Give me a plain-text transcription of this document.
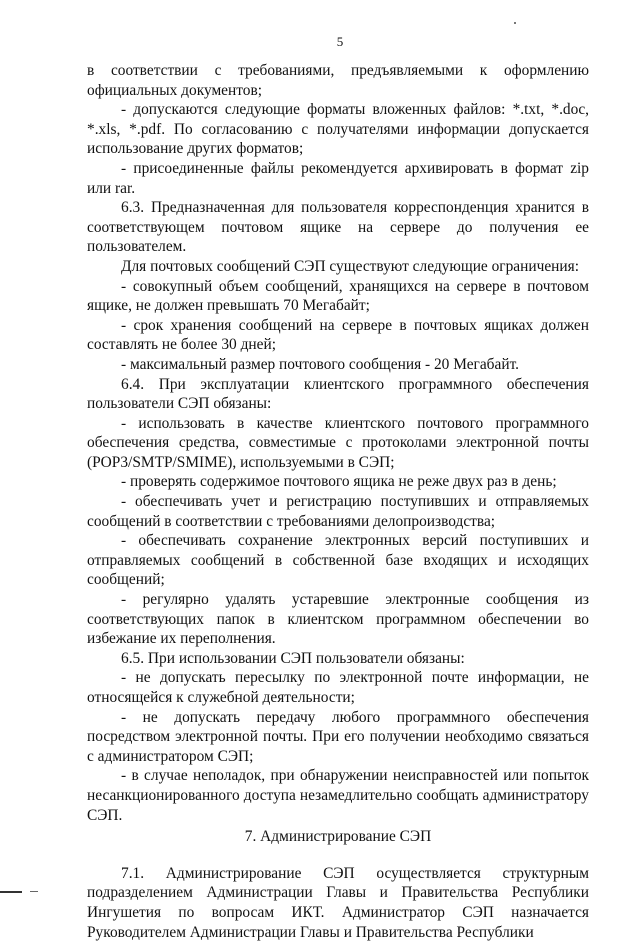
5

в соответствии с требованиями, предъявляемыми к оформлению официальных документов;

- допускаются следующие форматы вложенных файлов: *.txt, *.doc, *.xls, *.pdf. По согласованию с получателями информации допускается использование других форматов;

- присоединенные файлы рекомендуется архивировать в формат zip или rar.

6.3. Предназначенная для пользователя корреспонденция хранится в соответствующем почтовом ящике на сервере до получения ее пользователем.

Для почтовых сообщений СЭП существуют следующие ограничения:

- совокупный объем сообщений, хранящихся на сервере в почтовом ящике, не должен превышать 70 Мегабайт;

- срок хранения сообщений на сервере в почтовых ящиках должен составлять не более 30 дней;

- максимальный размер почтового сообщения - 20 Мегабайт.

6.4. При эксплуатации клиентского программного обеспечения пользователи СЭП обязаны:

- использовать в качестве клиентского почтового программного обеспечения средства, совместимые с протоколами электронной почты (POP3/SMTP/SMIME), используемыми в СЭП;

- проверять содержимое почтового ящика не реже двух раз в день;

- обеспечивать учет и регистрацию поступивших и отправляемых сообщений в соответствии с требованиями делопроизводства;

- обеспечивать сохранение электронных версий поступивших и отправляемых сообщений в собственной базе входящих и исходящих сообщений;

- регулярно удалять устаревшие электронные сообщения из соответствующих папок в клиентском программном обеспечении во избежание их переполнения.

6.5. При использовании СЭП пользователи обязаны:

- не допускать пересылку по электронной почте информации, не относящейся к служебной деятельности;

- не допускать передачу любого программного обеспечения посредством электронной почты. При его получении необходимо связаться с администратором СЭП;

- в случае неполадок, при обнаружении неисправностей или попыток несанкционированного доступа незамедлительно сообщать администратору СЭП.

7. Администрирование СЭП

7.1. Администрирование СЭП осуществляется структурным подразделением Администрации Главы и Правительства Республики Ингушетия по вопросам ИКТ. Администратор СЭП назначается Руководителем Администрации Главы и Правительства Республики
